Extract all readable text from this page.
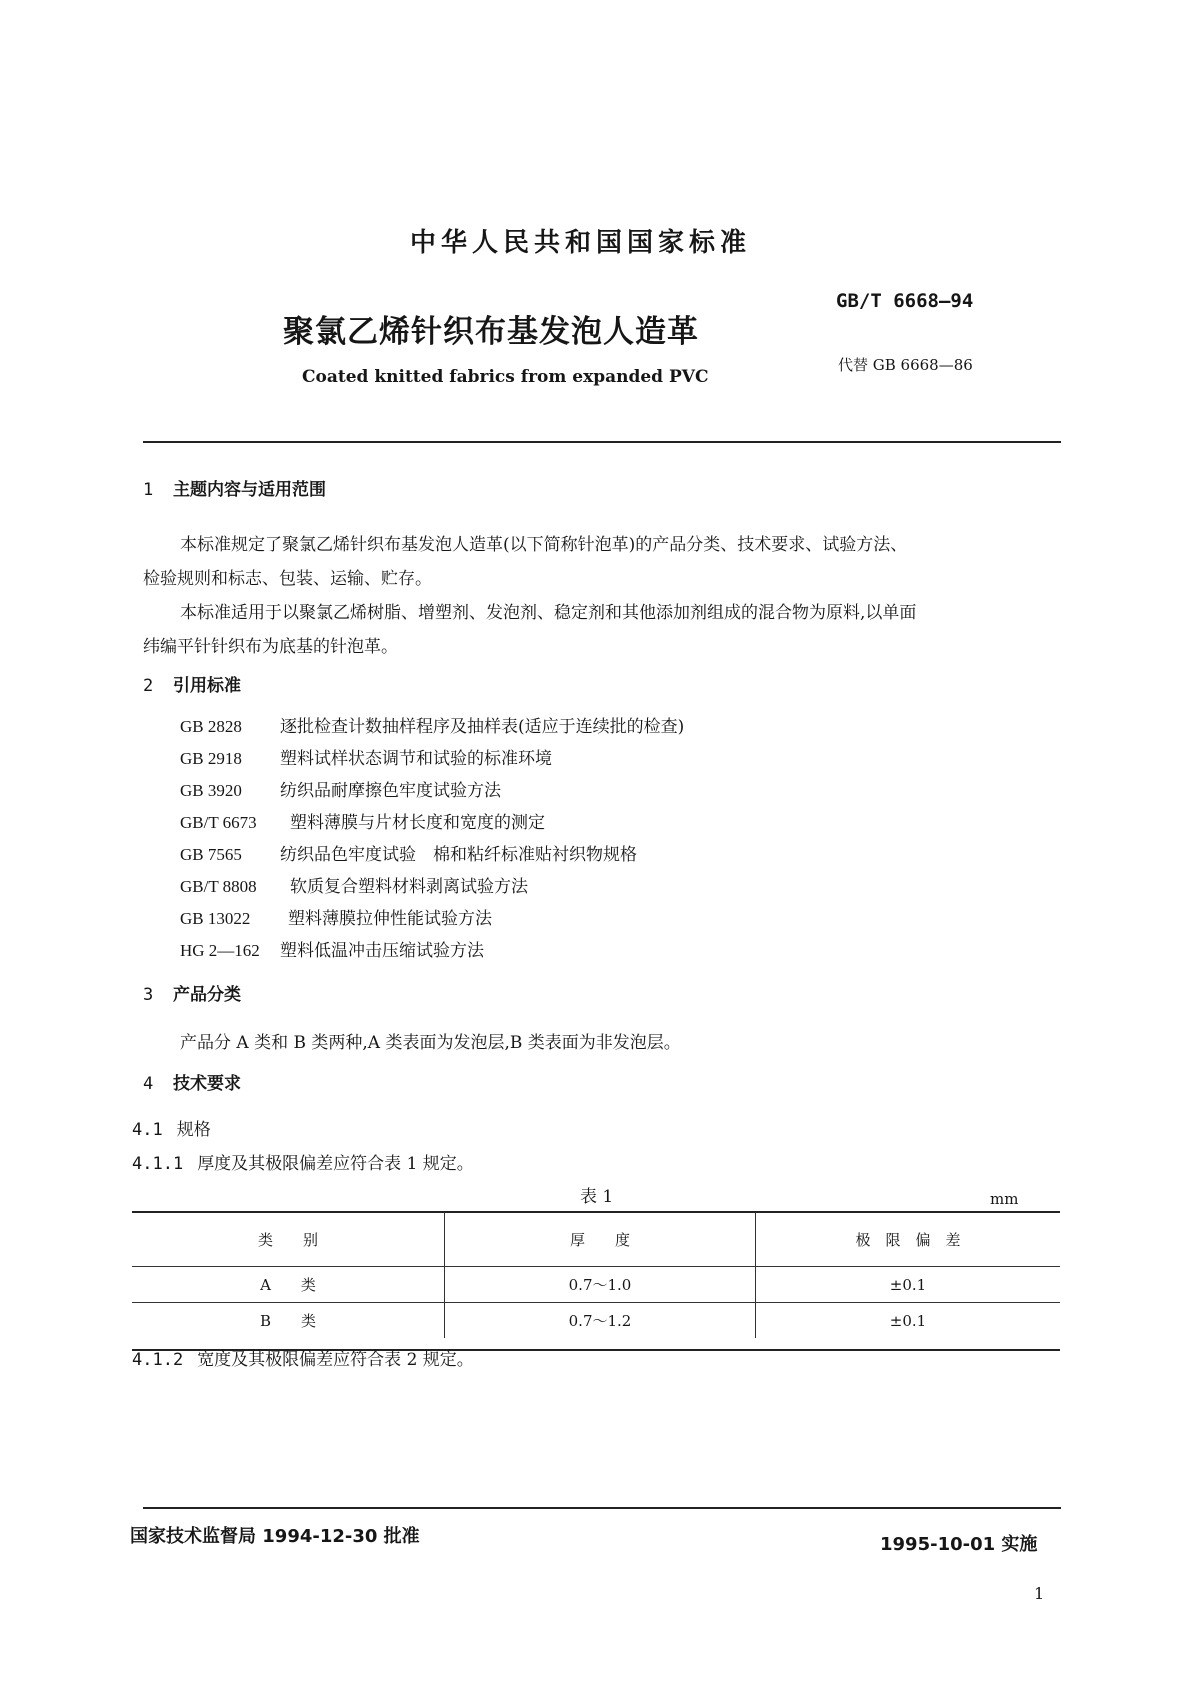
中华人民共和国国家标准
GB/T 6668—94
聚氯乙烯针织布基发泡人造革
代替 GB 6668—86
Coated knitted fabrics from expanded PVC
1 主题内容与适用范围
本标准规定了聚氯乙烯针织布基发泡人造革(以下简称针泡革)的产品分类、技术要求、试验方法、
检验规则和标志、包装、运输、贮存。
本标准适用于以聚氯乙烯树脂、增塑剂、发泡剂、稳定剂和其他添加剂组成的混合物为原料,以单面
纬编平针针织布为底基的针泡革。
2 引用标准
GB 2828 逐批检查计数抽样程序及抽样表(适应于连续批的检查)
GB 2918 塑料试样状态调节和试验的标准环境
GB 3920 纺织品耐摩擦色牢度试验方法
GB/T 6673 塑料薄膜与片材长度和宽度的测定
GB 7565 纺织品色牢度试验　棉和粘纤标准贴衬织物规格
GB/T 8808 软质复合塑料材料剥离试验方法
GB 13022 塑料薄膜拉伸性能试验方法
HG 2—162 塑料低温冲击压缩试验方法
3 产品分类
产品分 A 类和 B 类两种,A 类表面为发泡层,B 类表面为非发泡层。
4 技术要求
4.1 规格
4.1.1 厚度及其极限偏差应符合表 1 规定。
表 1	mm
类　　别	厚　　度	极　限　偏　差
A　　类	0.7～1.0	±0.1
B　　类	0.7～1.2	±0.1
4.1.2 宽度及其极限偏差应符合表 2 规定。
国家技术监督局 1994-12-30 批准	1995-10-01 实施
1
